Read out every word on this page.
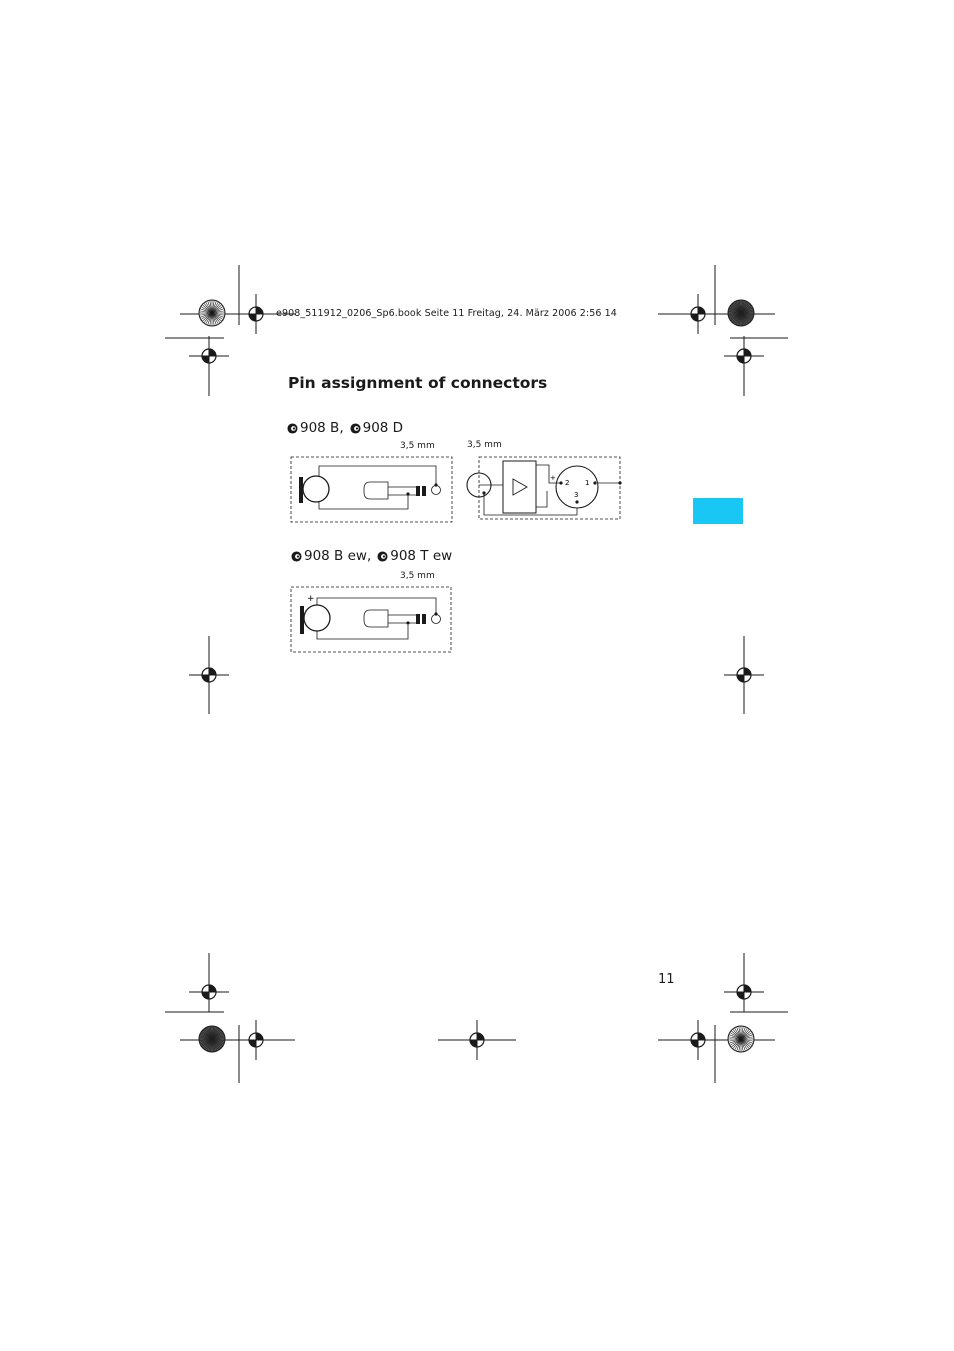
e908_511912_0206_Sp6.book Seite 11 Freitag, 24. März 2006 2:56 14
Pin assignment of connectors
908 B, 908 D
3,5 mm	3,5 mm
+
2 1
3
908 B ew, 908 T ew
3,5 mm
+
11
